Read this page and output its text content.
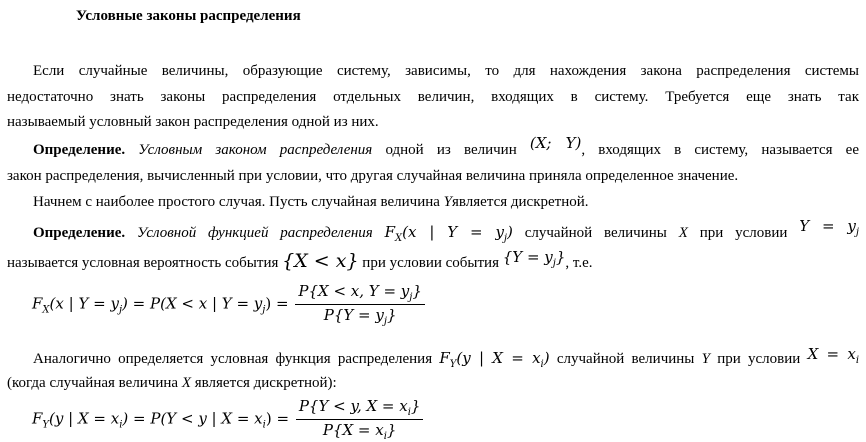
Условные законы распределения
Если случайные величины, образующие систему, зависимы, то для нахождения закона распределения системы
недостаточно знать законы распределения отдельных величин, входящих в систему. Требуется еще знать так
называемый условный закон распределения одной из них.
Определение. Условным законом распределения одной из величин (X; Y), входящих в систему, называется ее
закон распределения, вычисленный при условии, что другая случайная величина приняла определенное значение.
Начнем с наиболее простого случая. Пусть случайная величина Yявляется дискретной.
Определение. Условной функцией распределения $F_X(x$ | $Y = y_j$) случайной величины X при условии $Y = y_j$
называется условная вероятность события {X < x} при условии события $\{Y = y_j\}$, т.е.
$F_X(x$ | $Y = y_j) = P(X < x$ | $Y = y_j) = \frac{P\{X < x, Y = y_j\}}{P\{Y = y_j\}}$
Аналогично определяется условная функция распределения $F_Y(y$ | $X = x_i$) случайной величины Y при условии $X = x_i$
(когда случайная величина X является дискретной):
$F_Y(y$ | $X = x_i) = P(Y < y$ | $X = x_i) = \frac{P\{Y < y, X = x_i\}}{P\{X = x_i\}}$
